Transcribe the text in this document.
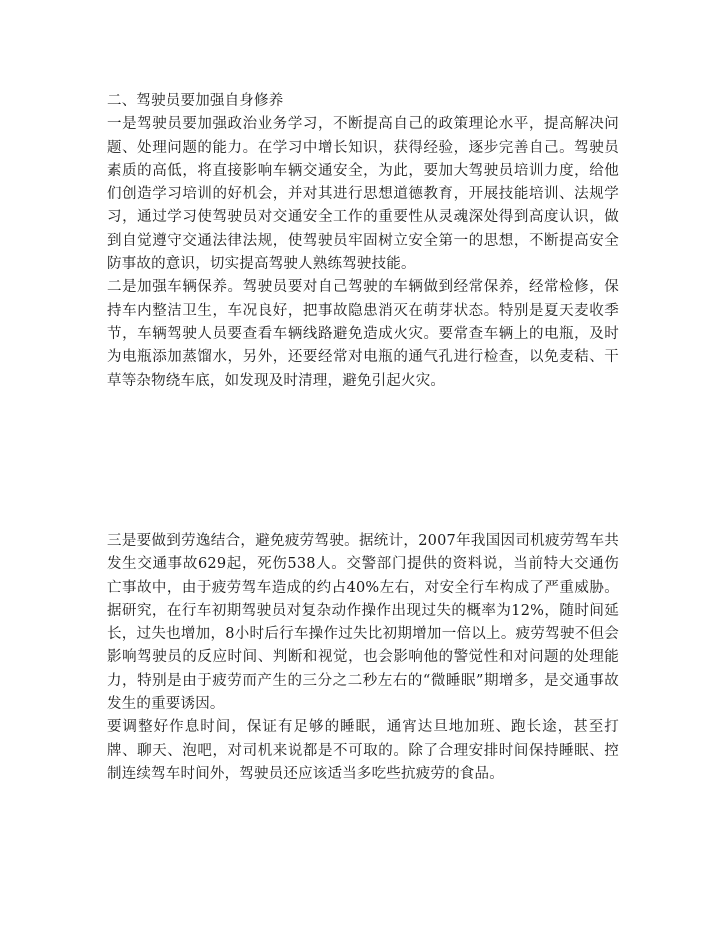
二、驾驶员要加强自身修养

一是驾驶员要加强政治业务学习，不断提高自己的政策理论水平，提高解决问题、处理问题的能力。在学习中增长知识，获得经验，逐步完善自己。驾驶员素质的高低，将直接影响车辆交通安全，为此，要加大驾驶员培训力度，给他们创造学习培训的好机会，并对其进行思想道德教育，开展技能培训、法规学习，通过学习使驾驶员对交通安全工作的重要性从灵魂深处得到高度认识，做到自觉遵守交通法律法规，使驾驶员牢固树立安全第一的思想，不断提高安全防事故的意识，切实提高驾驶人熟练驾驶技能。

二是加强车辆保养。驾驶员要对自己驾驶的车辆做到经常保养，经常检修，保持车内整洁卫生，车况良好，把事故隐患消灭在萌芽状态。特别是夏天麦收季节，车辆驾驶人员要查看车辆线路避免造成火灾。要常查车辆上的电瓶，及时为电瓶添加蒸馏水，另外，还要经常对电瓶的通气孔进行检查，以免麦秸、干草等杂物绕车底，如发现及时清理，避免引起火灾。

三是要做到劳逸结合，避免疲劳驾驶。据统计，2007年我国因司机疲劳驾车共发生交通事故629起，死伤538人。交警部门提供的资料说，当前特大交通伤亡事故中，由于疲劳驾车造成的约占40%左右，对安全行车构成了严重威胁。据研究，在行车初期驾驶员对复杂动作操作出现过失的概率为12%，随时间延长，过失也增加，8小时后行车操作过失比初期增加一倍以上。疲劳驾驶不但会影响驾驶员的反应时间、判断和视觉，也会影响他的警觉性和对问题的处理能力，特别是由于疲劳而产生的三分之二秒左右的“微睡眠”期增多，是交通事故发生的重要诱因。

要调整好作息时间，保证有足够的睡眠，通宵达旦地加班、跑长途，甚至打牌、聊天、泡吧，对司机来说都是不可取的。除了合理安排时间保持睡眠、控制连续驾车时间外，驾驶员还应该适当多吃些抗疲劳的食品。
